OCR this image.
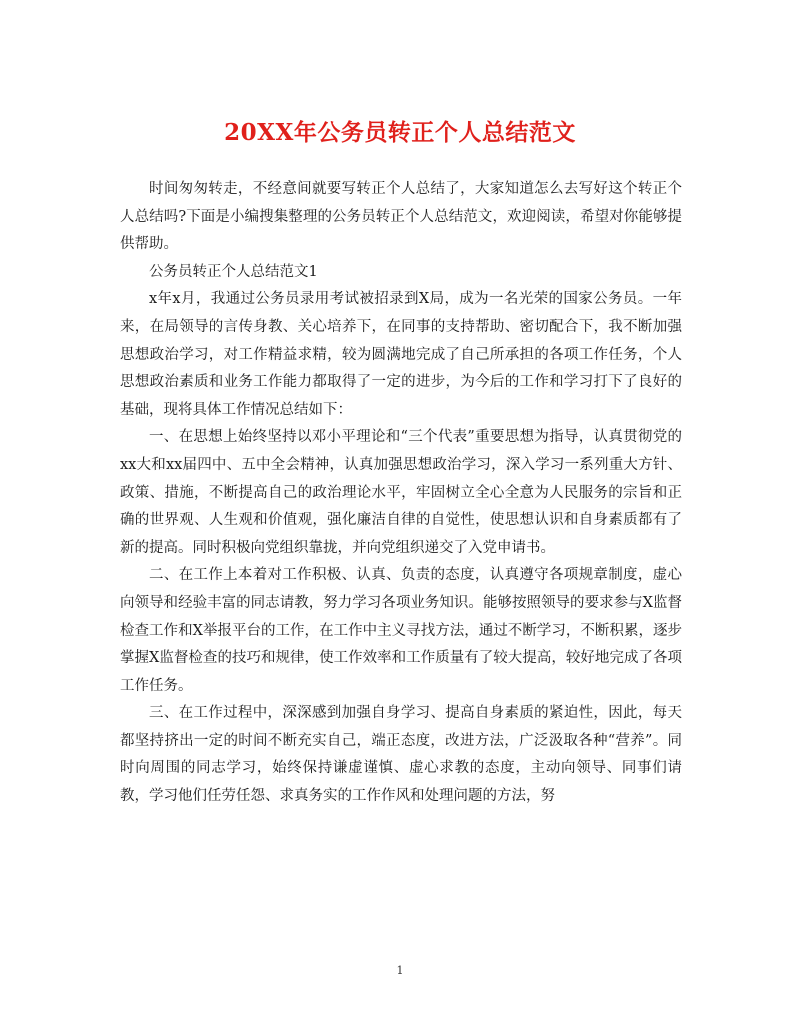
20XX年公务员转正个人总结范文

时间匆匆转走，不经意间就要写转正个人总结了，大家知道怎么去写好这个转正个人总结吗?下面是小编搜集整理的公务员转正个人总结范文，欢迎阅读，希望对你能够提供帮助。

公务员转正个人总结范文1

x年x月，我通过公务员录用考试被招录到X局，成为一名光荣的国家公务员。一年来，在局领导的言传身教、关心培养下，在同事的支持帮助、密切配合下，我不断加强思想政治学习，对工作精益求精，较为圆满地完成了自己所承担的各项工作任务，个人思想政治素质和业务工作能力都取得了一定的进步，为今后的工作和学习打下了良好的基础，现将具体工作情况总结如下：

一、在思想上始终坚持以邓小平理论和“三个代表”重要思想为指导，认真贯彻党的xx大和xx届四中、五中全会精神，认真加强思想政治学习，深入学习一系列重大方针、政策、措施，不断提高自己的政治理论水平，牢固树立全心全意为人民服务的宗旨和正确的世界观、人生观和价值观，强化廉洁自律的自觉性，使思想认识和自身素质都有了新的提高。同时积极向党组织靠拢，并向党组织递交了入党申请书。

二、在工作上本着对工作积极、认真、负责的态度，认真遵守各项规章制度，虚心向领导和经验丰富的同志请教，努力学习各项业务知识。能够按照领导的要求参与X监督检查工作和X举报平台的工作，在工作中主义寻找方法，通过不断学习，不断积累，逐步掌握X监督检查的技巧和规律，使工作效率和工作质量有了较大提高，较好地完成了各项工作任务。

三、在工作过程中，深深感到加强自身学习、提高自身素质的紧迫性，因此，每天都坚持挤出一定的时间不断充实自己，端正态度，改进方法，广泛汲取各种“营养”。同时向周围的同志学习，始终保持谦虚谨慎、虚心求教的态度，主动向领导、同事们请教，学习他们任劳任怨、求真务实的工作作风和处理问题的方法，努

1
